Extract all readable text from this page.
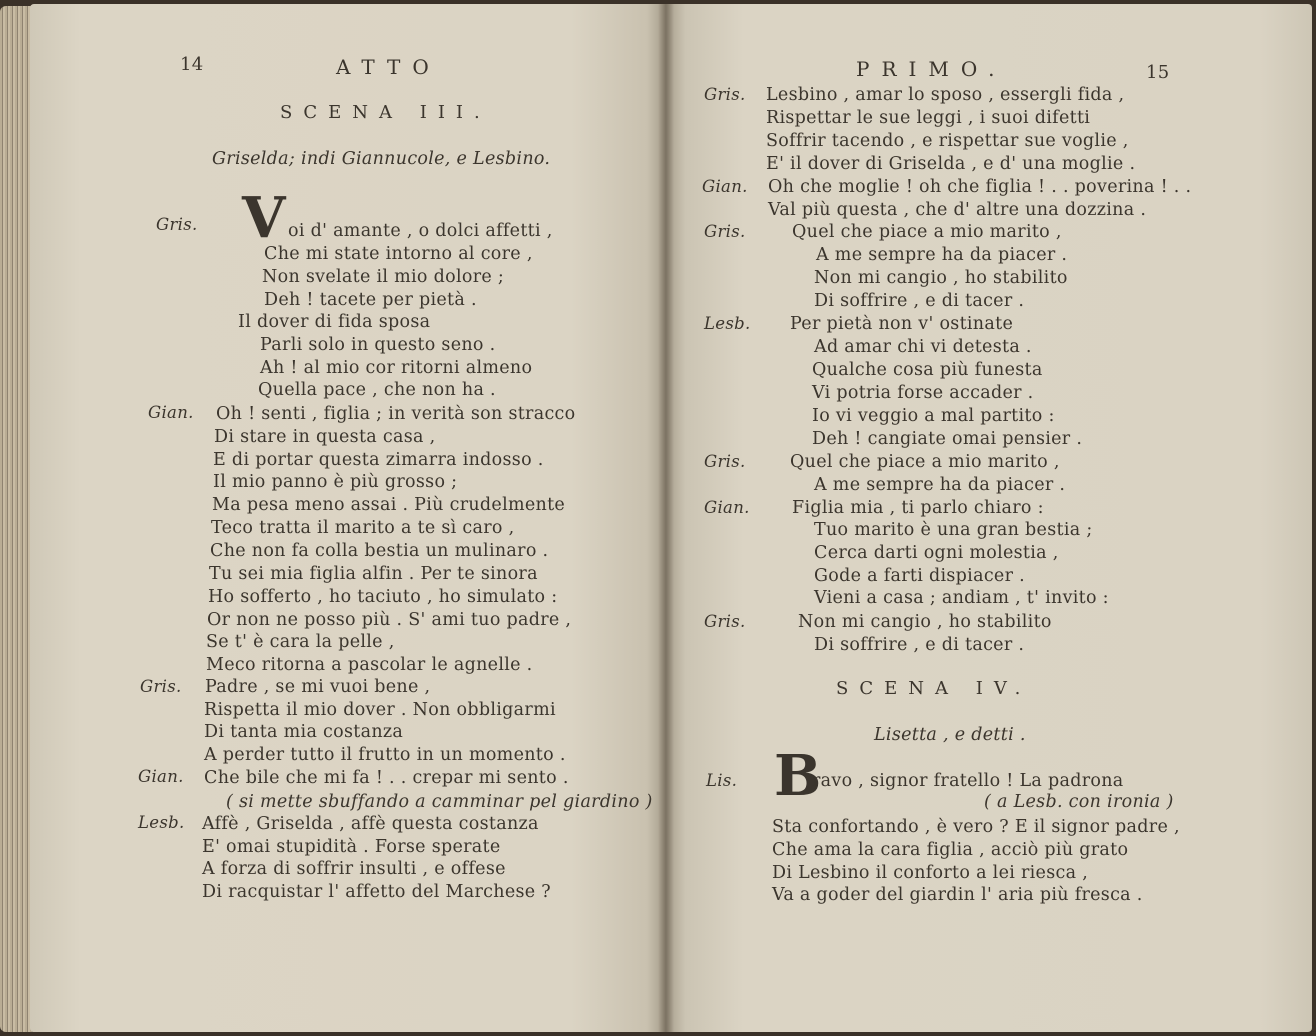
14	ATTO
SCENA III.
Griselda; indi Giannucole, e Lesbino.
Gris. V oi d' amante , o dolci affetti ,
Che mi state intorno al core ,
Non svelate il mio dolore ;
Deh ! tacete per pietà .
Il dover di fida sposa
Parli solo in questo seno .
Ah ! al mio cor ritorni almeno
Quella pace , che non ha .
Gian. Oh ! senti , figlia ; in verità son stracco
Di stare in questa casa ,
E di portar questa zimarra indosso .
Il mio panno è più grosso ;
Ma pesa meno assai . Più crudelmente
Teco tratta il marito a te sì caro ,
Che non fa colla bestia un mulinaro .
Tu sei mia figlia alfin . Per te sinora
Ho sofferto , ho taciuto , ho simulato :
Or non ne posso più . S' ami tuo padre ,
Se t' è cara la pelle ,
Meco ritorna a pascolar le agnelle .
Gris. Padre , se mi vuoi bene ,
Rispetta il mio dover . Non obbligarmi
Di tanta mia costanza
A perder tutto il frutto in un momento .
Gian. Che bile che mi fa ! . . crepar mi sento .
( si mette sbuffando a camminar pel giardino )
Lesb. Affè , Griselda , affè questa costanza
E' omai stupidità . Forse sperate
A forza di soffrir insulti , e offese
Di racquistar l' affetto del Marchese ?
PRIMO.	15
Gris. Lesbino , amar lo sposo , essergli fida ,
Rispettar le sue leggi , i suoi difetti
Soffrir tacendo , e rispettar sue voglie ,
E' il dover di Griselda , e d' una moglie .
Gian. Oh che moglie ! oh che figlia ! . . poverina ! . .
Val più questa , che d' altre una dozzina .
Gris.	Quel che piace a mio marito ,
A me sempre ha da piacer .
Non mi cangio , ho stabilito
Di soffrire , e di tacer .
Lesb. Per pietà non v' ostinate
Ad amar chi vi detesta .
Qualche cosa più funesta
Vi potria forse accader .
Io vi veggio a mal partito :
Deh ! cangiate omai pensier .
Gris.	Quel che piace a mio marito ,
A me sempre ha da piacer .
Gian. Figlia mia , ti parlo chiaro :
Tuo marito è una gran bestia ;
Cerca darti ogni molestia ,
Gode a farti dispiacer .
Vieni a casa ; andiam , t' invito :
Gris.	Non mi cangio , ho stabilito
Di soffrire , e di tacer .
SCENA IV.
Lisetta , e detti .
Lis. B
ravo , signor fratello ! La padrona
( a Lesb. con ironia )
Sta confortando , è vero ? E il signor padre ,
Che ama la cara figlia , acciò più grato
Di Lesbino il conforto a lei riesca ,
Va a goder del giardin l' aria più fresca .
